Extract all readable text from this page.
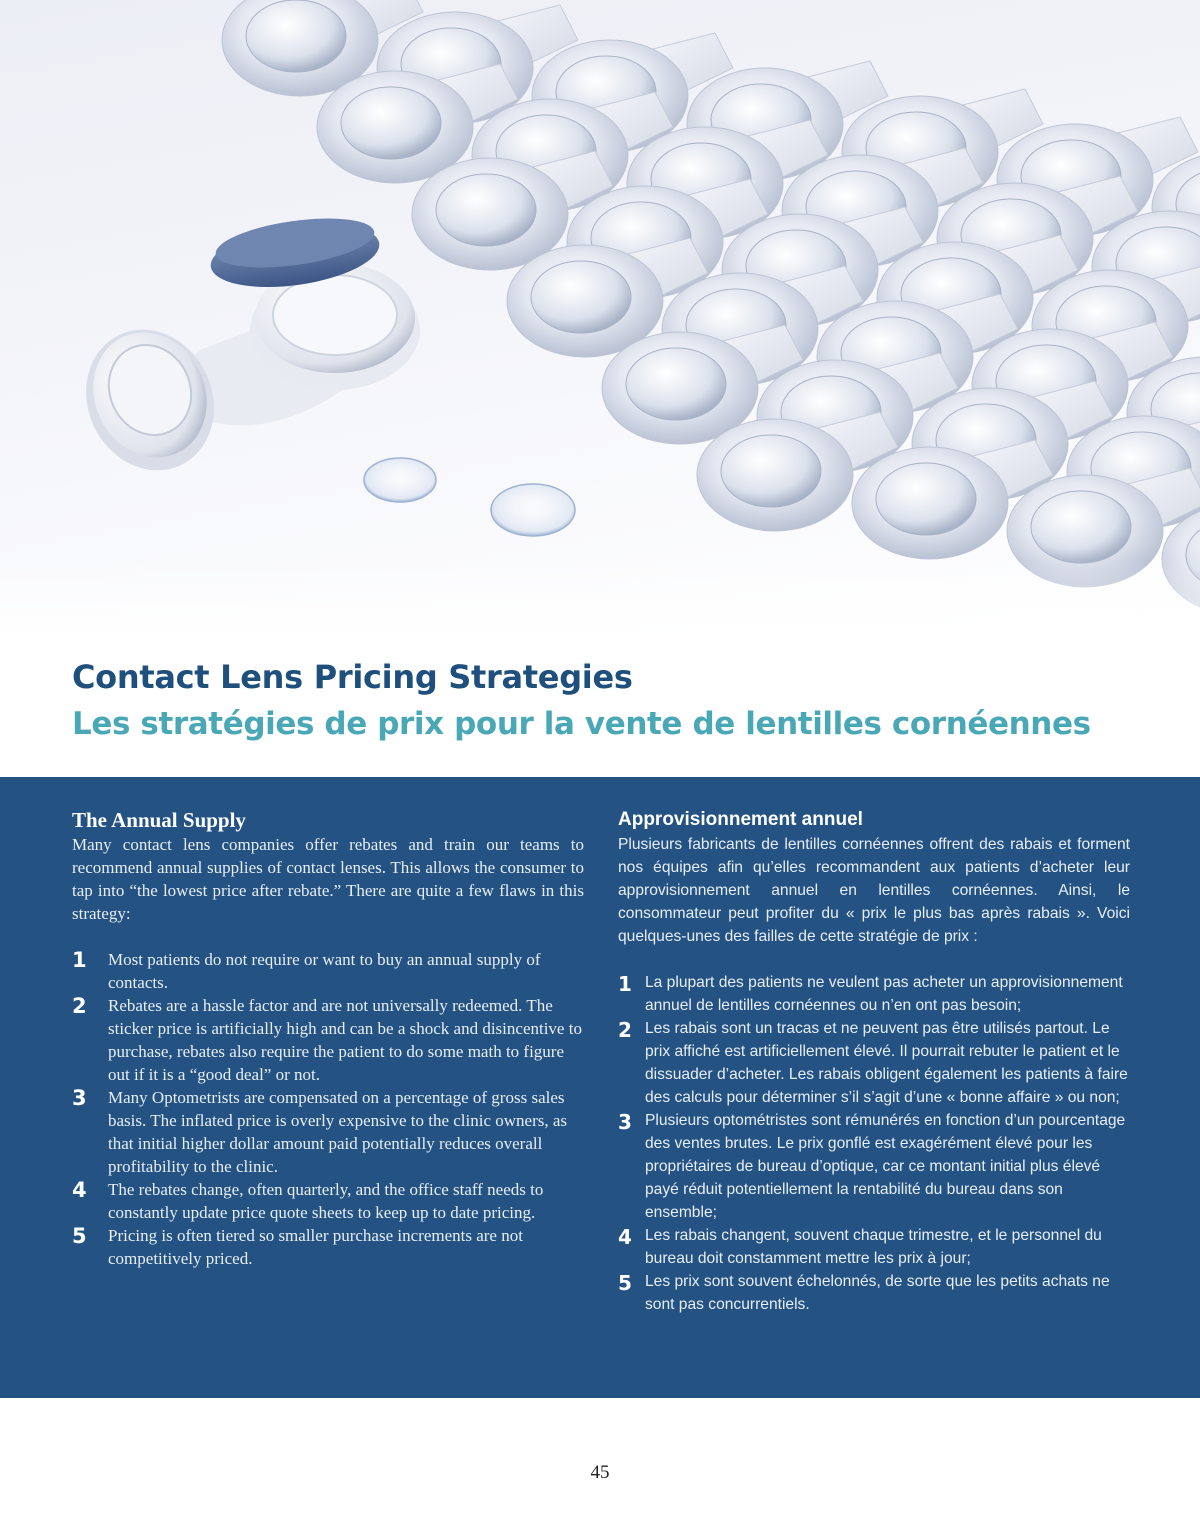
Contact Lens Pricing Strategies
Les stratégies de prix pour la vente de lentilles cornéennes
The Annual Supply

Many contact lens companies offer rebates and train our teams to recommend annual supplies of contact lenses. This allows the consumer to tap into “the lowest price after rebate.” There are quite a few flaws in this strategy:

1 Most patients do not require or want to buy an annual supply of contacts.
2 Rebates are a hassle factor and are not universally redeemed. The sticker price is artificially high and can be a shock and disincentive to purchase, rebates also require the patient to do some math to figure out if it is a “good deal” or not.
3 Many Optometrists are compensated on a percentage of gross sales basis. The inflated price is overly expensive to the clinic owners, as that initial higher dollar amount paid potentially reduces overall profitability to the clinic.
4 The rebates change, often quarterly, and the office staff needs to constantly update price quote sheets to keep up to date pricing.
5 Pricing is often tiered so smaller purchase increments are not competitively priced.
Approvisionnement annuel

Plusieurs fabricants de lentilles cornéennes offrent des rabais et forment nos équipes afin qu’elles recommandent aux patients d’acheter leur approvisionnement annuel en lentilles cornéennes. Ainsi, le consommateur peut profiter du « prix le plus bas après rabais ». Voici quelques-unes des failles de cette stratégie de prix :

1 La plupart des patients ne veulent pas acheter un approvisionnement annuel de lentilles cornéennes ou n’en ont pas besoin;
2 Les rabais sont un tracas et ne peuvent pas être utilisés partout. Le prix affiché est artificiellement élevé. Il pourrait rebuter le patient et le dissuader d’acheter. Les rabais obligent également les patients à faire des calculs pour déterminer s’il s’agit d’une « bonne affaire » ou non;
3 Plusieurs optométristes sont rémunérés en fonction d’un pourcentage des ventes brutes. Le prix gonflé est exagérément élevé pour les propriétaires de bureau d’optique, car ce montant initial plus élevé payé réduit potentiellement la rentabilité du bureau dans son ensemble;
4 Les rabais changent, souvent chaque trimestre, et le personnel du bureau doit constamment mettre les prix à jour;
5 Les prix sont souvent échelonnés, de sorte que les petits achats ne sont pas concurrentiels.
45
